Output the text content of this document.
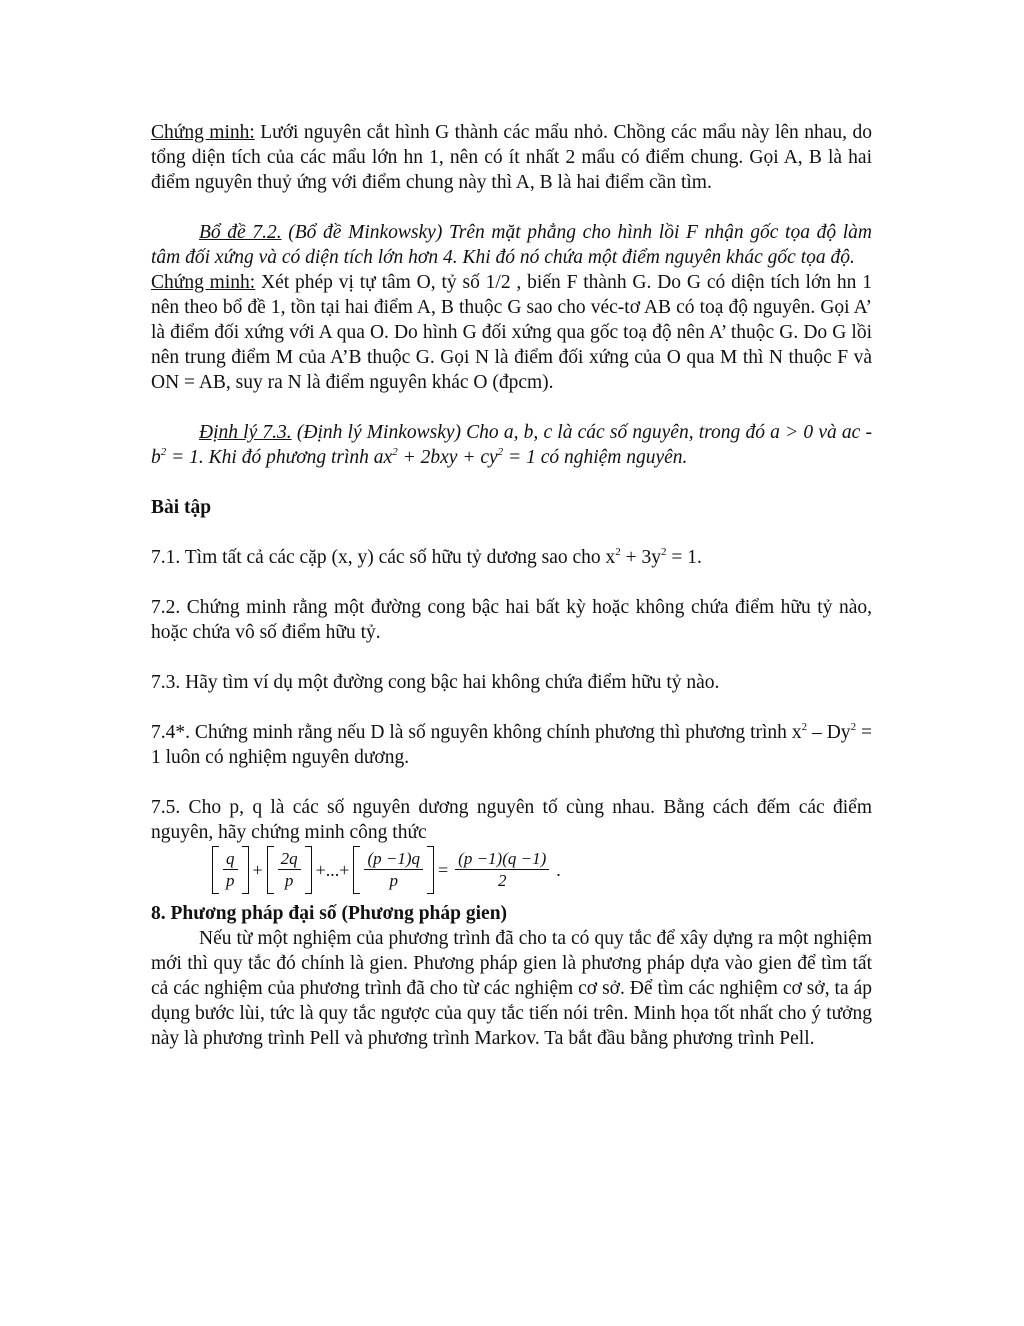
Chứng minh: Lưới nguyên cắt hình G thành các mẩu nhỏ. Chồng các mẩu này lên nhau, do tổng diện tích của các mẩu lớn hn 1, nên có ít nhất 2 mẩu có điểm chung. Gọi A, B là hai điểm nguyên thuỷ ứng với điểm chung này thì A, B là hai điểm cần tìm.

Bổ đề 7.2. (Bổ đề Minkowsky) Trên mặt phẳng cho hình lồi F nhận gốc tọa độ làm tâm đối xứng và có diện tích lớn hơn 4. Khi đó nó chứa một điểm nguyên khác gốc tọa độ.

Chứng minh: Xét phép vị tự tâm O, tỷ số 1/2 , biến F thành G. Do G có diện tích lớn hn 1 nên theo bổ đề 1, tồn tại hai điểm A, B thuộc G sao cho véc-tơ AB có toạ độ nguyên. Gọi A’ là điểm đối xứng với A qua O. Do hình G đối xứng qua gốc toạ độ nên A’ thuộc G. Do G lồi nên trung điểm M của A’B thuộc G. Gọi N là điểm đối xứng của O qua M thì N thuộc F và ON = AB, suy ra N là điểm nguyên khác O (đpcm).

Định lý 7.3. (Định lý Minkowsky) Cho a, b, c là các số nguyên, trong đó a > 0 và ac - $b^2 = 1$. Khi đó phương trình $ax^2 + 2bxy + cy^2 = 1$ có nghiệm nguyên.

Bài tập

7.1. Tìm tất cả các cặp (x, y) các số hữu tỷ dương sao cho $x^2 + 3y^2 = 1$.

7.2. Chứng minh rằng một đường cong bậc hai bất kỳ hoặc không chứa điểm hữu tỷ nào, hoặc chứa vô số điểm hữu tỷ.

7.3. Hãy tìm ví dụ một đường cong bậc hai không chứa điểm hữu tỷ nào.

7.4*. Chứng minh rằng nếu D là số nguyên không chính phương thì phương trình $x^2 - Dy^2 = 1$ luôn có nghiệm nguyên dương.

7.5. Cho p, q là các số nguyên dương nguyên tố cùng nhau. Bằng cách đếm các điểm nguyên, hãy chứng minh công thức

$\frac{q}{p} + \frac{2q}{p}$ +...+ $\frac{(p -1)q}{p} = \frac{(p -1)(q -1)}{2}$ .

8. Phương pháp đại số (Phương pháp gien)

Nếu từ một nghiệm của phương trình đã cho ta có quy tắc để xây dựng ra một nghiệm mới thì quy tắc đó chính là gien. Phương pháp gien là phương pháp dựa vào gien để tìm tất cả các nghiệm của phương trình đã cho từ các nghiệm cơ sở. Để tìm các nghiệm cơ sở, ta áp dụng bước lùi, tức là quy tắc ngược của quy tắc tiến nói trên. Minh họa tốt nhất cho ý tưởng này là phương trình Pell và phương trình Markov. Ta bắt đầu bằng phương trình Pell.
